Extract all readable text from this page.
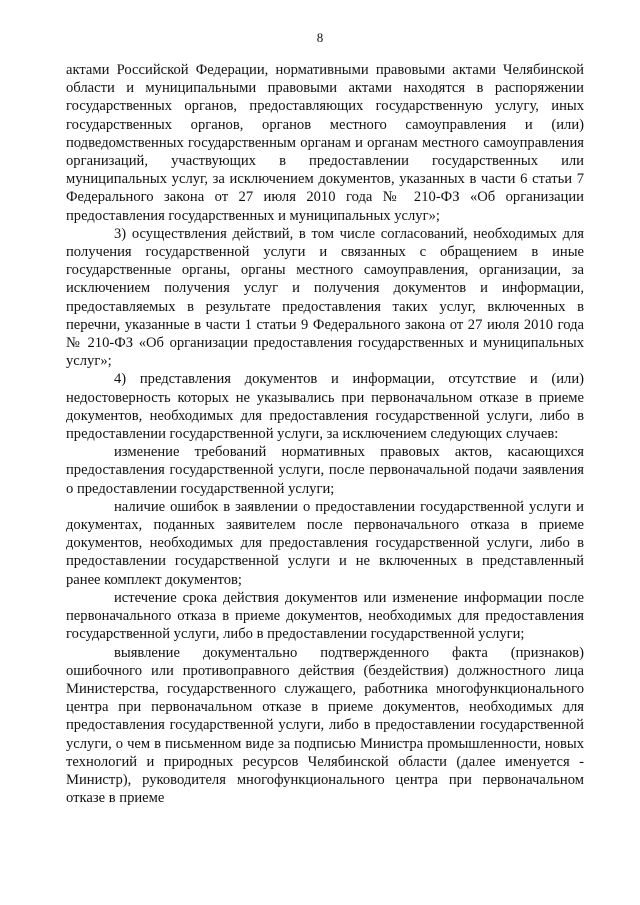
8

актами Российской Федерации, нормативными правовыми актами Челябинской области и муниципальными правовыми актами находятся в распоряжении государственных органов, предоставляющих государственную услугу, иных государственных органов, органов местного самоуправления и (или) подведомственных государственным органам и органам местного самоуправления организаций, участвующих в предоставлении государственных или муниципальных услуг, за исключением документов, указанных в части 6 статьи 7 Федерального закона от 27 июля 2010 года № 210-ФЗ «Об организации предоставления государственных и муниципальных услуг»;

3) осуществления действий, в том числе согласований, необходимых для получения государственной услуги и связанных с обращением в иные государственные органы, органы местного самоуправления, организации, за исключением получения услуг и получения документов и информации, предоставляемых в результате предоставления таких услуг, включенных в перечни, указанные в части 1 статьи 9 Федерального закона от 27 июля 2010 года № 210-ФЗ «Об организации предоставления государственных и муниципальных услуг»;

4) представления документов и информации, отсутствие и (или) недостоверность которых не указывались при первоначальном отказе в приеме документов, необходимых для предоставления государственной услуги, либо в предоставлении государственной услуги, за исключением следующих случаев:

изменение требований нормативных правовых актов, касающихся предоставления государственной услуги, после первоначальной подачи заявления о предоставлении государственной услуги;

наличие ошибок в заявлении о предоставлении государственной услуги и документах, поданных заявителем после первоначального отказа в приеме документов, необходимых для предоставления государственной услуги, либо в предоставлении государственной услуги и не включенных в представленный ранее комплект документов;

истечение срока действия документов или изменение информации после первоначального отказа в приеме документов, необходимых для предоставления государственной услуги, либо в предоставлении государственной услуги;

выявление документально подтвержденного факта (признаков) ошибочного или противоправного действия (бездействия) должностного лица Министерства, государственного служащего, работника многофункционального центра при первоначальном отказе в приеме документов, необходимых для предоставления государственной услуги, либо в предоставлении государственной услуги, о чем в письменном виде за подписью Министра промышленности, новых технологий и природных ресурсов Челябинской области (далее именуется - Министр), руководителя многофункционального центра при первоначальном отказе в приеме
